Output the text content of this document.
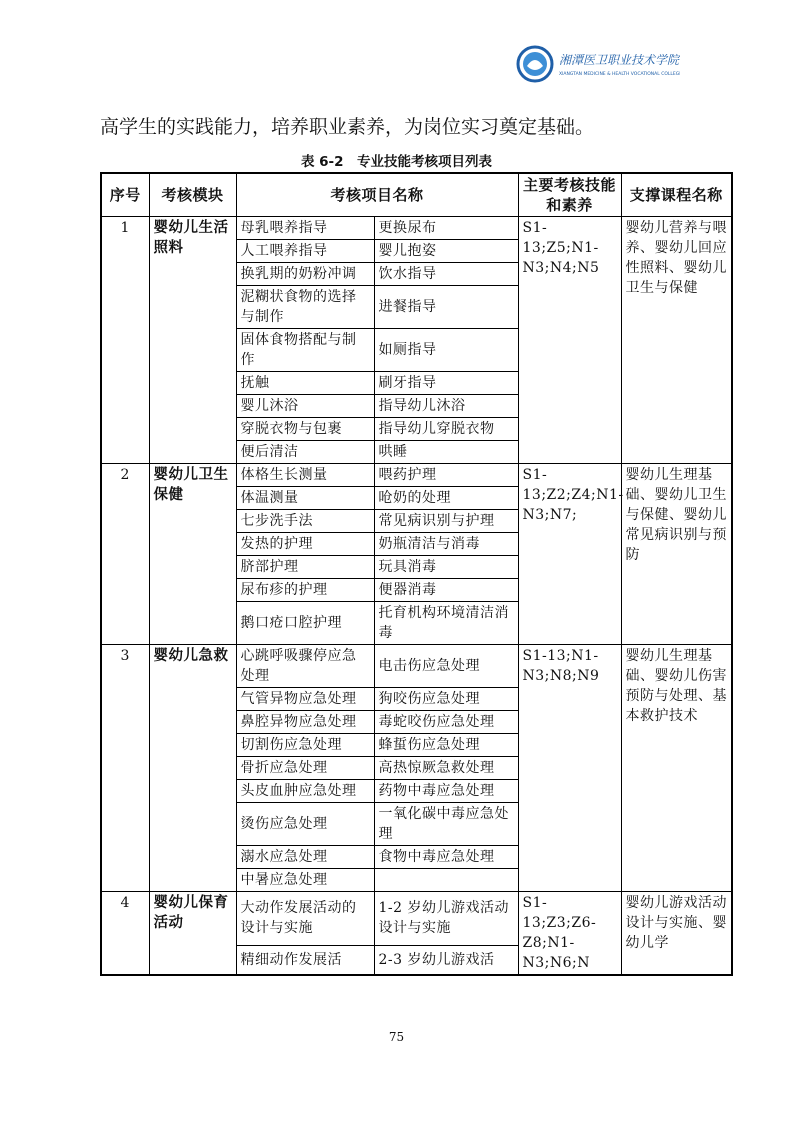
湘潭医卫职业技术学院
XIANGTAN MEDICINE & HEALTH VOCATIONAL COLLEGE
高学生的实践能力，培养职业素养，为岗位实习奠定基础。
表 6-2　专业技能考核项目列表
序号	考核模块	考核项目名称		主要考核技能和素养	支撑课程名称
1	婴幼儿生活照料	母乳喂养指导	更换尿布	S1-13;Z5;N1-N3;N4;N5	婴幼儿营养与喂养、婴幼儿回应性照料、婴幼儿卫生与保健
		人工喂养指导	婴儿抱姿		
		换乳期的奶粉冲调	饮水指导		
		泥糊状食物的选择与制作	进餐指导		
		固体食物搭配与制作	如厕指导		
		抚触	刷牙指导		
		婴儿沐浴	指导幼儿沐浴		
		穿脱衣物与包裹	指导幼儿穿脱衣物		
		便后清洁	哄睡		
2	婴幼儿卫生保健	体格生长测量	喂药护理	S1-13;Z2;Z4;N1-N3;N7;	婴幼儿生理基础、婴幼儿卫生与保健、婴幼儿常见病识别与预防
		体温测量	呛奶的处理		
		七步洗手法	常见病识别与护理		
		发热的护理	奶瓶清洁与消毒		
		脐部护理	玩具消毒		
		尿布疹的护理	便器消毒		
		鹅口疮口腔护理	托育机构环境清洁消毒		
3	婴幼儿急救	心跳呼吸骤停应急处理	电击伤应急处理	S1-13;N1-N3;N8;N9	婴幼儿生理基础、婴幼儿伤害预防与处理、基本救护技术
		气管异物应急处理	狗咬伤应急处理		
		鼻腔异物应急处理	毒蛇咬伤应急处理		
		切割伤应急处理	蜂蜇伤应急处理		
		骨折应急处理	高热惊厥急救处理		
		头皮血肿应急处理	药物中毒应急处理		
		烫伤应急处理	一氧化碳中毒应急处理		
		溺水应急处理	食物中毒应急处理		
		中暑应急处理			
4	婴幼儿保育活动	大动作发展活动的设计与实施	1-2 岁幼儿游戏活动设计与实施	S1-13;Z3;Z6-Z8;N1-N3;N6;N	婴幼儿游戏活动设计与实施、婴幼儿学
		精细动作发展活	2-3 岁幼儿游戏活		
75
